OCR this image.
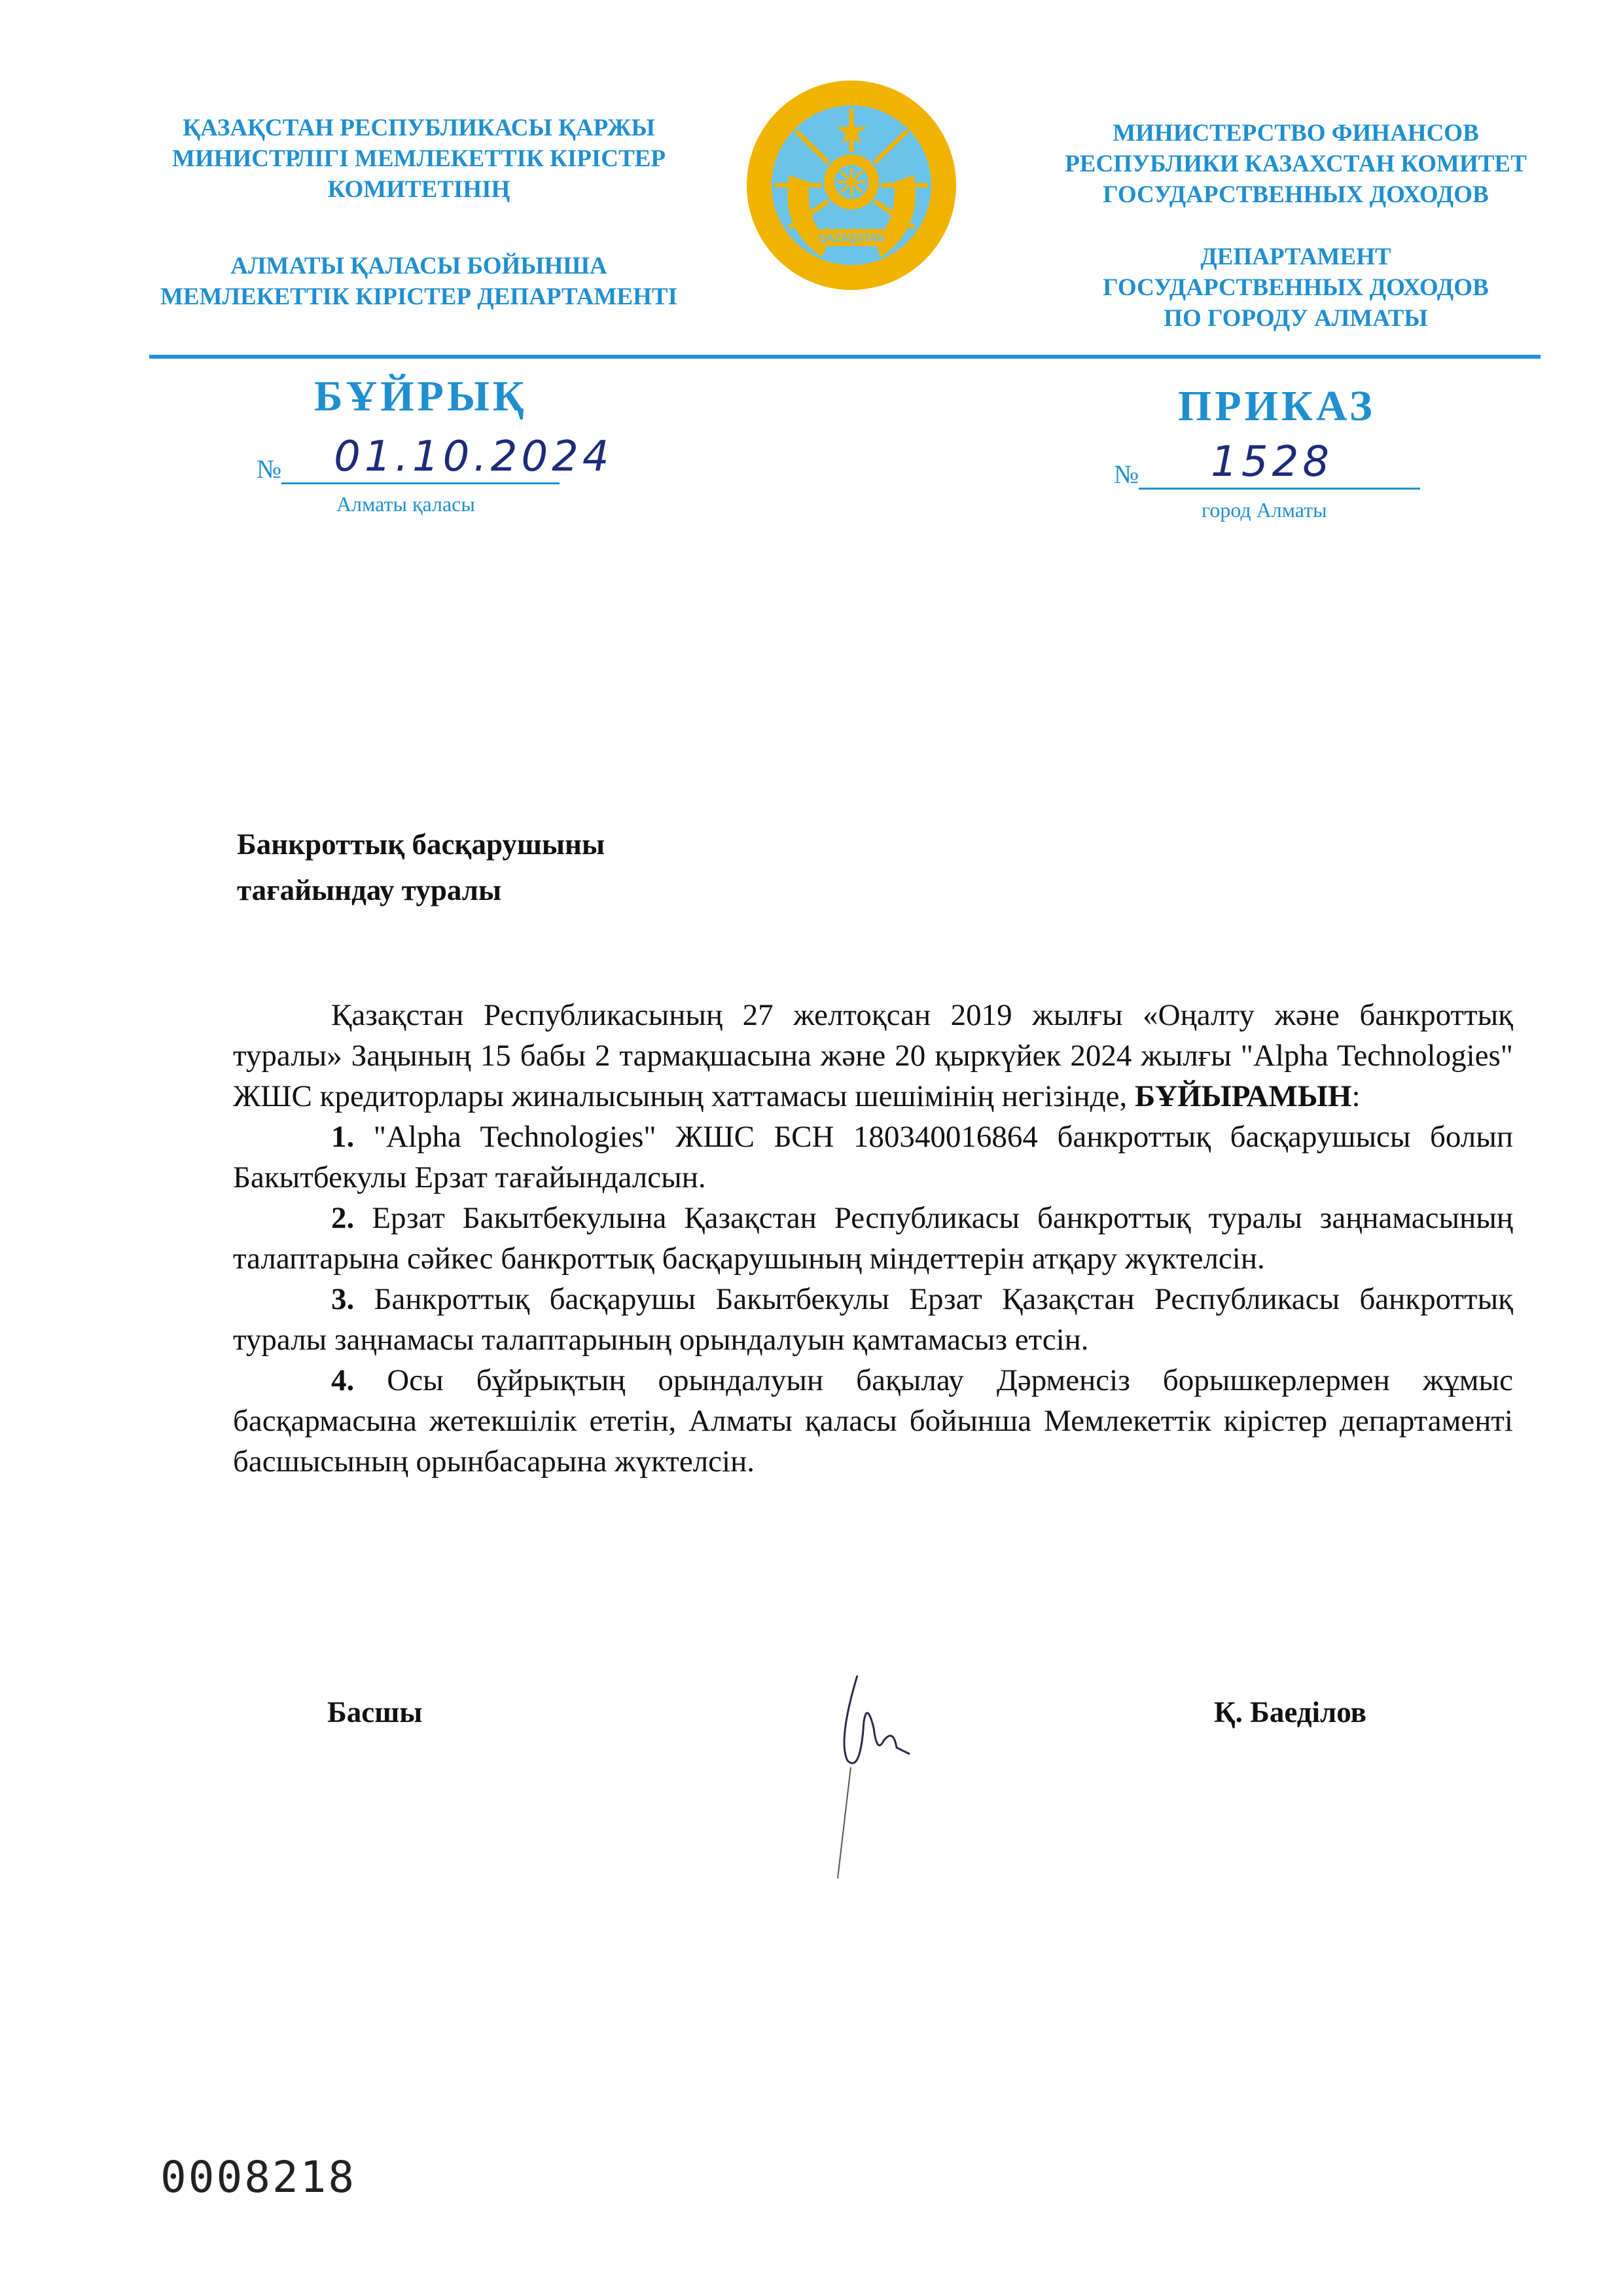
ҚАЗАҚСТАН РЕСПУБЛИКАСЫ ҚАРЖЫ
МИНИСТРЛІГІ МЕМЛЕКЕТТІК КІРІСТЕР
КОМИТЕТІНІҢ
АЛМАТЫ ҚАЛАСЫ БОЙЫНША
МЕМЛЕКЕТТІК КІРІСТЕР ДЕПАРТАМЕНТІ
QAZAQSTAN
МИНИСТЕРСТВО ФИНАНСОВ
РЕСПУБЛИКИ КАЗАХСТАН КОМИТЕТ
ГОСУДАРСТВЕННЫХ ДОХОДОВ
ДЕПАРТАМЕНТ
ГОСУДАРСТВЕННЫХ ДОХОДОВ
ПО ГОРОДУ АЛМАТЫ
БҰЙРЫҚ	ПРИКАЗ
№ 01.10.2024
Алматы қаласы
№ 1528
город Алматы
Банкроттық басқарушыны
тағайындау туралы

Қазақстан Республикасының 27 желтоқсан 2019 жылғы «Оңалту және банкроттық туралы» Заңының 15 бабы 2 тармақшасына және 20 қыркүйек 2024 жылғы "Alpha Technologies" ЖШС кредиторлары жиналысының хаттамасы шешімінің негізінде, БҰЙЫРАМЫН:

1. "Alpha Technologies" ЖШС БСН 180340016864 банкроттық басқарушысы болып Бакытбекулы Ерзат тағайындалсын.

2. Ерзат Бакытбекулына Қазақстан Республикасы банкроттық туралы заңнамасының талаптарына сәйкес банкроттық басқарушының міндеттерін атқару жүктелсін.

3. Банкроттық басқарушы Бакытбекулы Ерзат Қазақстан Республикасы банкроттық туралы заңнамасы талаптарының орындалуын қамтамасыз етсін.

4. Осы бұйрықтың орындалуын бақылау Дәрменсіз борышкерлермен жұмыс басқармасына жетекшілік ететін, Алматы қаласы бойынша Мемлекеттік кірістер департаменті басшысының орынбасарына жүктелсін.

Басшы	Қ. Баеділов
0008218
